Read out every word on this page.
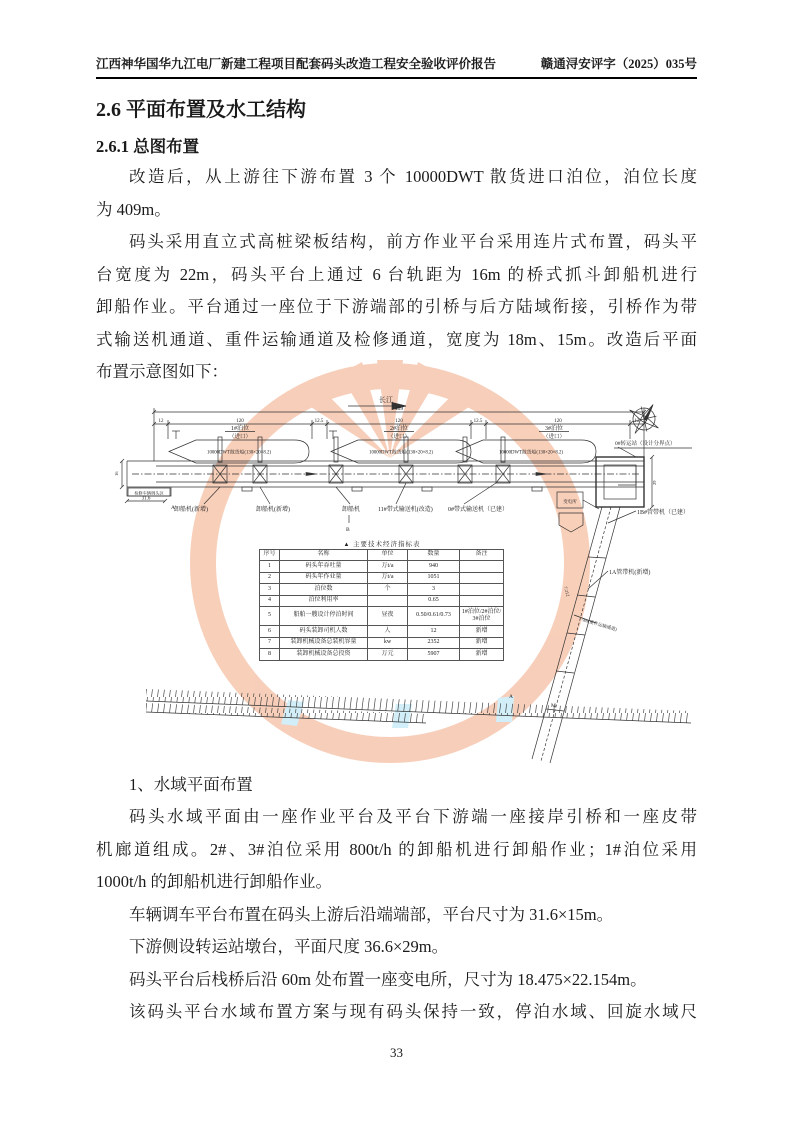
江西神华国华九江电厂新建工程项目配套码头改造工程安全验收评价报告	赣通浔安评字（2025）035号
2.6 平面布置及水工结构
2.6.1 总图布置
改造后，从上游往下游布置 3 个 10000DWT 散货进口泊位，泊位长度
为 409m。
码头采用直立式高桩梁板结构，前方作业平台采用连片式布置，码头平
台宽度为 22m，码头平台上通过 6 台轨距为 16m 的桥式抓斗卸船机进行
卸船作业。平台通过一座位于下游端部的引桥与后方陆域衔接，引桥作为带
式输送机通道、重件运输通道及检修通道，宽度为 18m、15m。改造后平面
布置示意图如下：
长江
409
12	120	12.5	120	12.5	120	12
1#泊位
（进口）
2#泊位
（进口）
3#泊位
（进口）
10000DWT散货船(130×20×8.2)	10000DWT散货船(130×20×8.2)	10000DWT散货船(130×20×8.2)
检修车辆调头区
31.6
16
A
B
卸船机(新增)	卸船机(新增)	卸船机	11#带式输送机(改造)	0#带式输送机（已建）
0#转运站（设计分界点）
29
1B#管带机（已建）
1A管带机(新增)
变电所
7.212
9m(重件运输通道)
A
M
▲ 主要技术经济指标表
序号	名称	单位	数量	备注
1	码头年吞吐量	万t/a	940	
2	码头年作业量	万t/a	1051	
3	泊位数	个	3	
4	泊位利用率		0.65	
5	船舶一艘设计停泊时间	昼夜	0.50/0.61/0.73	1#泊位/2#泊位/3#泊位
6	码头装卸司机人数	人	12	新增
7	装卸机械设备总装机容量	kw	2352	新增
8	装卸机械设备总投资	万元	5907	新增
1、水域平面布置
码头水域平面由一座作业平台及平台下游端一座接岸引桥和一座皮带
机廊道组成。2#、3#泊位采用 800t/h 的卸船机进行卸船作业；1#泊位采用
1000t/h 的卸船机进行卸船作业。
车辆调车平台布置在码头上游后沿端端部，平台尺寸为 31.6×15m。
下游侧设转运站墩台，平面尺度 36.6×29m。
码头平台后栈桥后沿 60m 处布置一座变电所，尺寸为 18.475×22.154m。
该码头平台水域布置方案与现有码头保持一致，停泊水域、回旋水域尺
33
